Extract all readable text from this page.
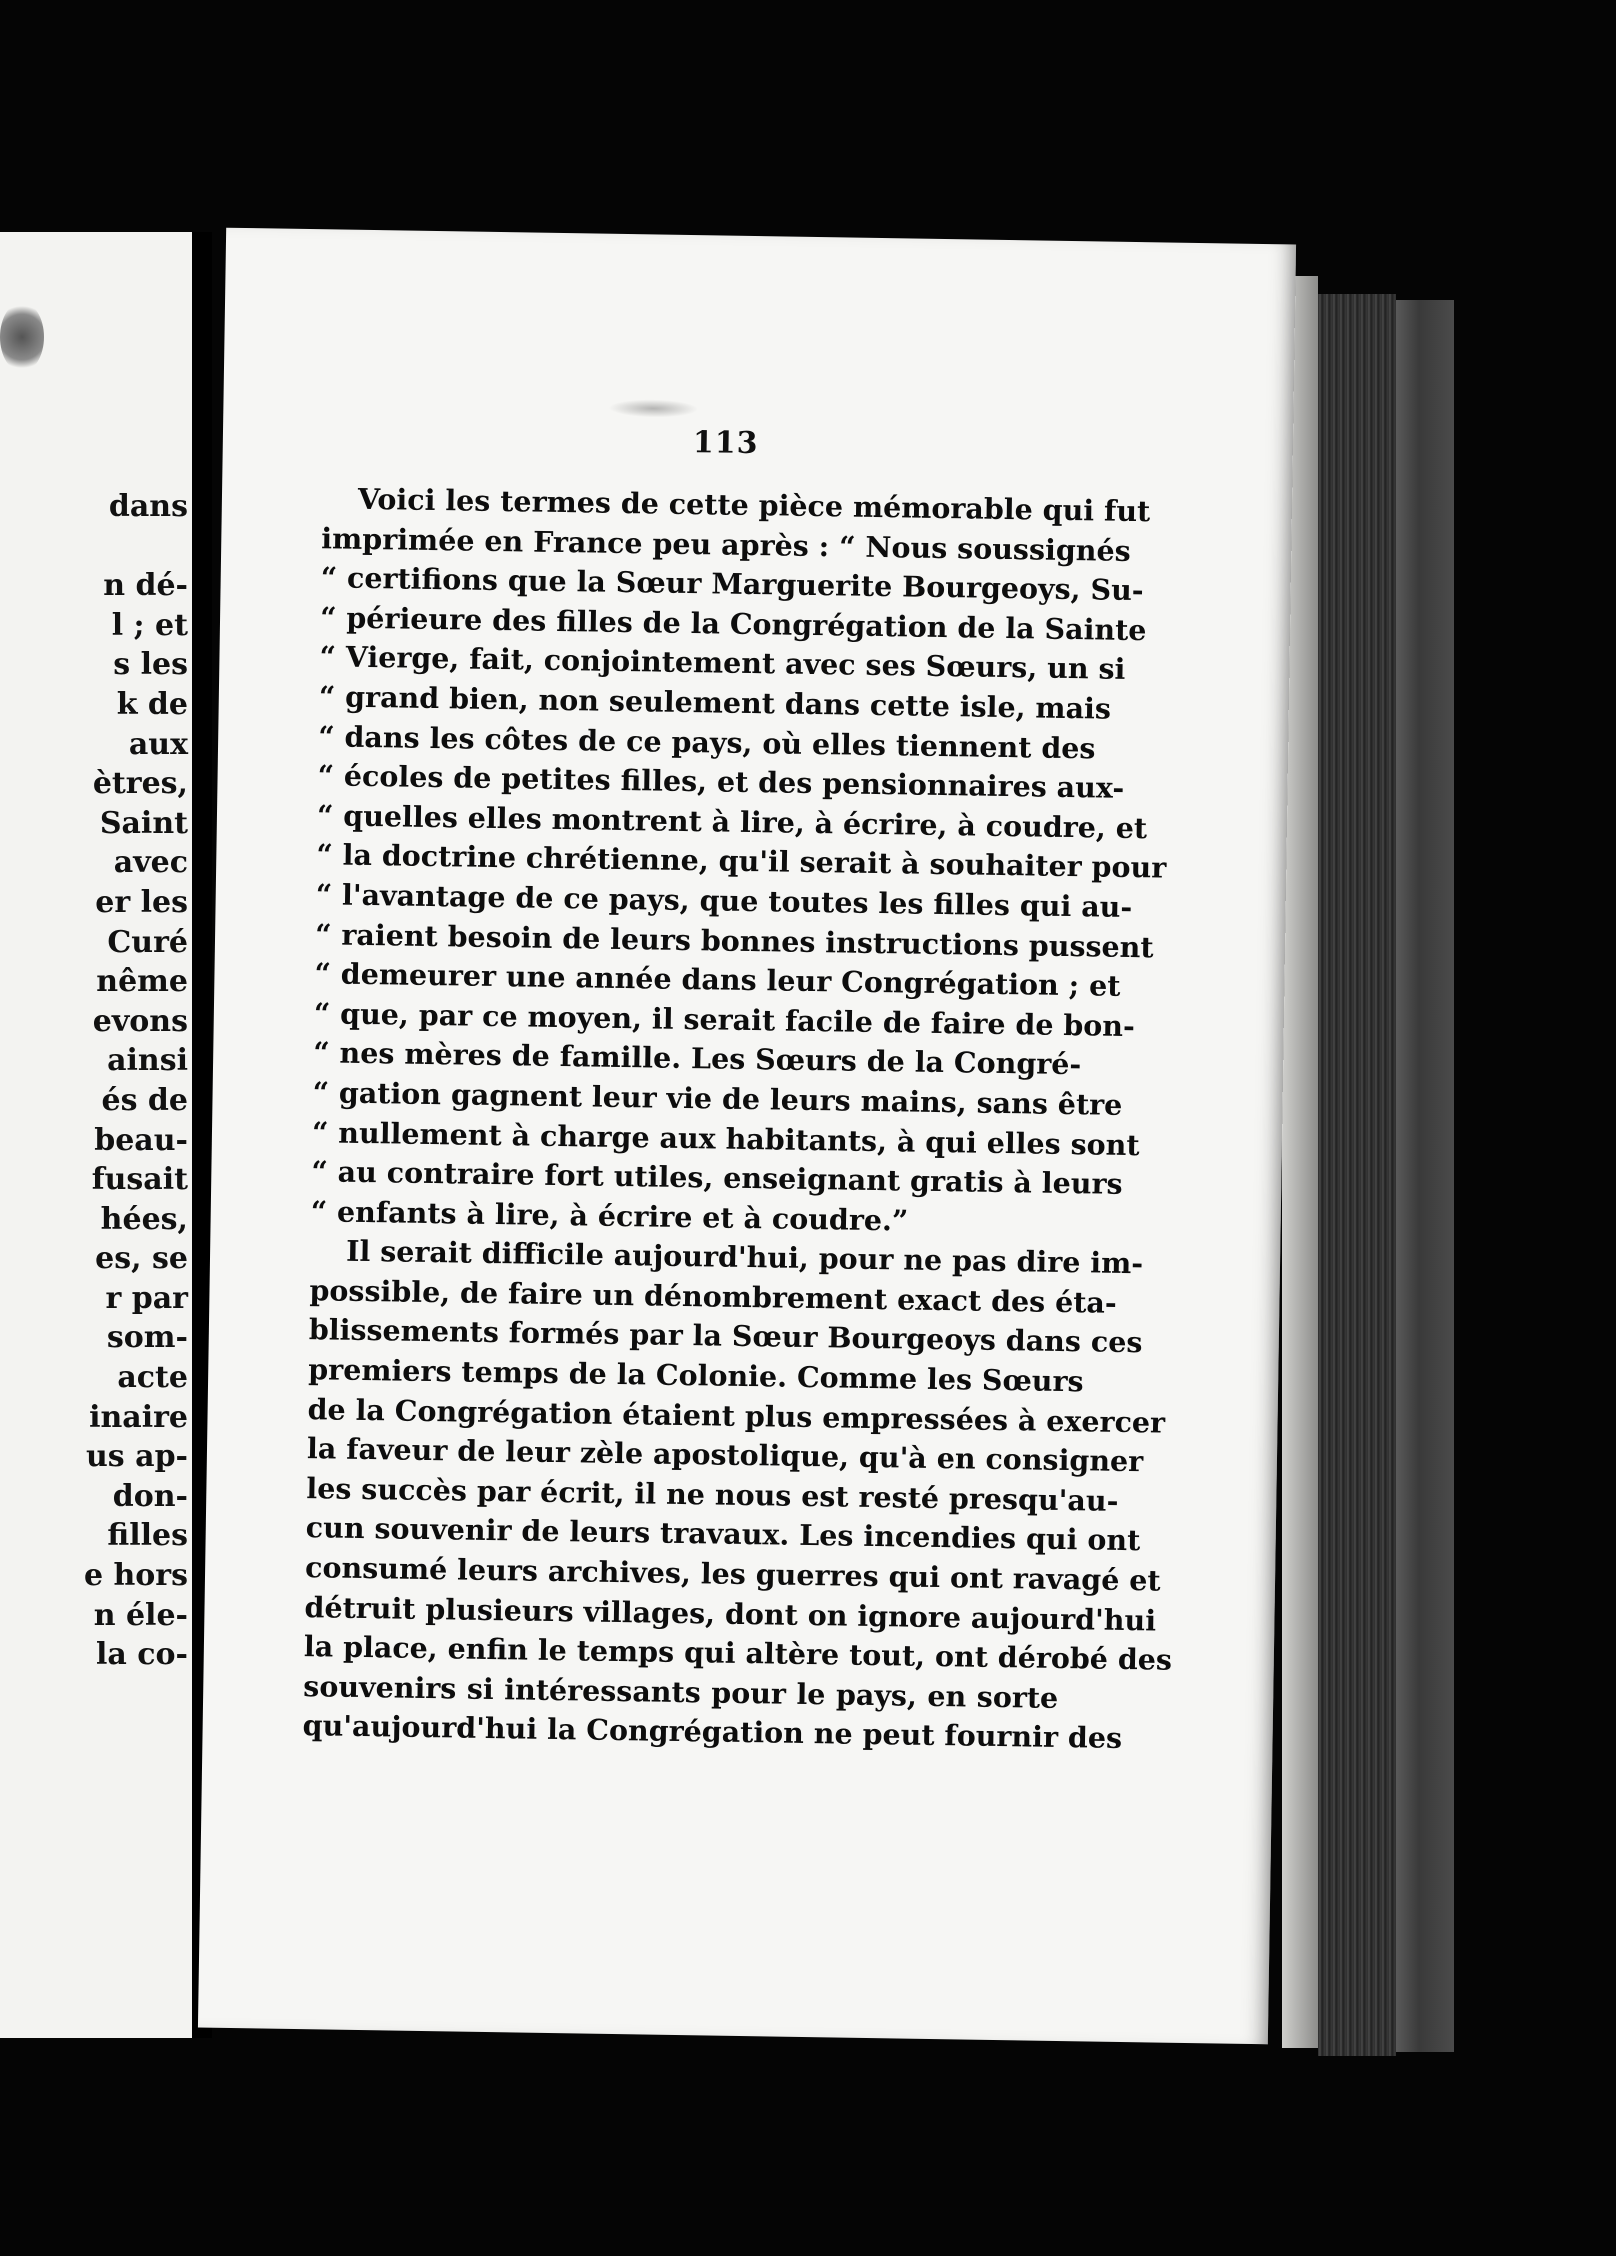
dans
n dé-
l ; et
s les
k de
aux
ètres,
Saint
avec
er les
Curé
nême
evons
ainsi
és de
beau-
fusait
hées,
es, se
r par
som-
acte
inaire
us ap-
don-
filles
e hors
n éle-
la co-
113
Voici les termes de cette pièce mémorable qui fut
imprimée en France peu après : “ Nous soussignés
“ certifions que la Sœur Marguerite Bourgeoys, Su-
“ périeure des filles de la Congrégation de la Sainte
“ Vierge, fait, conjointement avec ses Sœurs, un si
“ grand bien, non seulement dans cette isle, mais
“ dans les côtes de ce pays, où elles tiennent des
“ écoles de petites filles, et des pensionnaires aux-
“ quelles elles montrent à lire, à écrire, à coudre, et
“ la doctrine chrétienne, qu'il serait à souhaiter pour
“ l'avantage de ce pays, que toutes les filles qui au-
“ raient besoin de leurs bonnes instructions pussent
“ demeurer une année dans leur Congrégation ; et
“ que, par ce moyen, il serait facile de faire de bon-
“ nes mères de famille. Les Sœurs de la Congré-
“ gation gagnent leur vie de leurs mains, sans être
“ nullement à charge aux habitants, à qui elles sont
“ au contraire fort utiles, enseignant gratis à leurs
“ enfants à lire, à écrire et à coudre.”
Il serait difficile aujourd'hui, pour ne pas dire im-
possible, de faire un dénombrement exact des éta-
blissements formés par la Sœur Bourgeoys dans ces
premiers temps de la Colonie. Comme les Sœurs
de la Congrégation étaient plus empressées à exercer
la faveur de leur zèle apostolique, qu'à en consigner
les succès par écrit, il ne nous est resté presqu'au-
cun souvenir de leurs travaux. Les incendies qui ont
consumé leurs archives, les guerres qui ont ravagé et
détruit plusieurs villages, dont on ignore aujourd'hui
la place, enfin le temps qui altère tout, ont dérobé des
souvenirs si intéressants pour le pays, en sorte
qu'aujourd'hui la Congrégation ne peut fournir des
